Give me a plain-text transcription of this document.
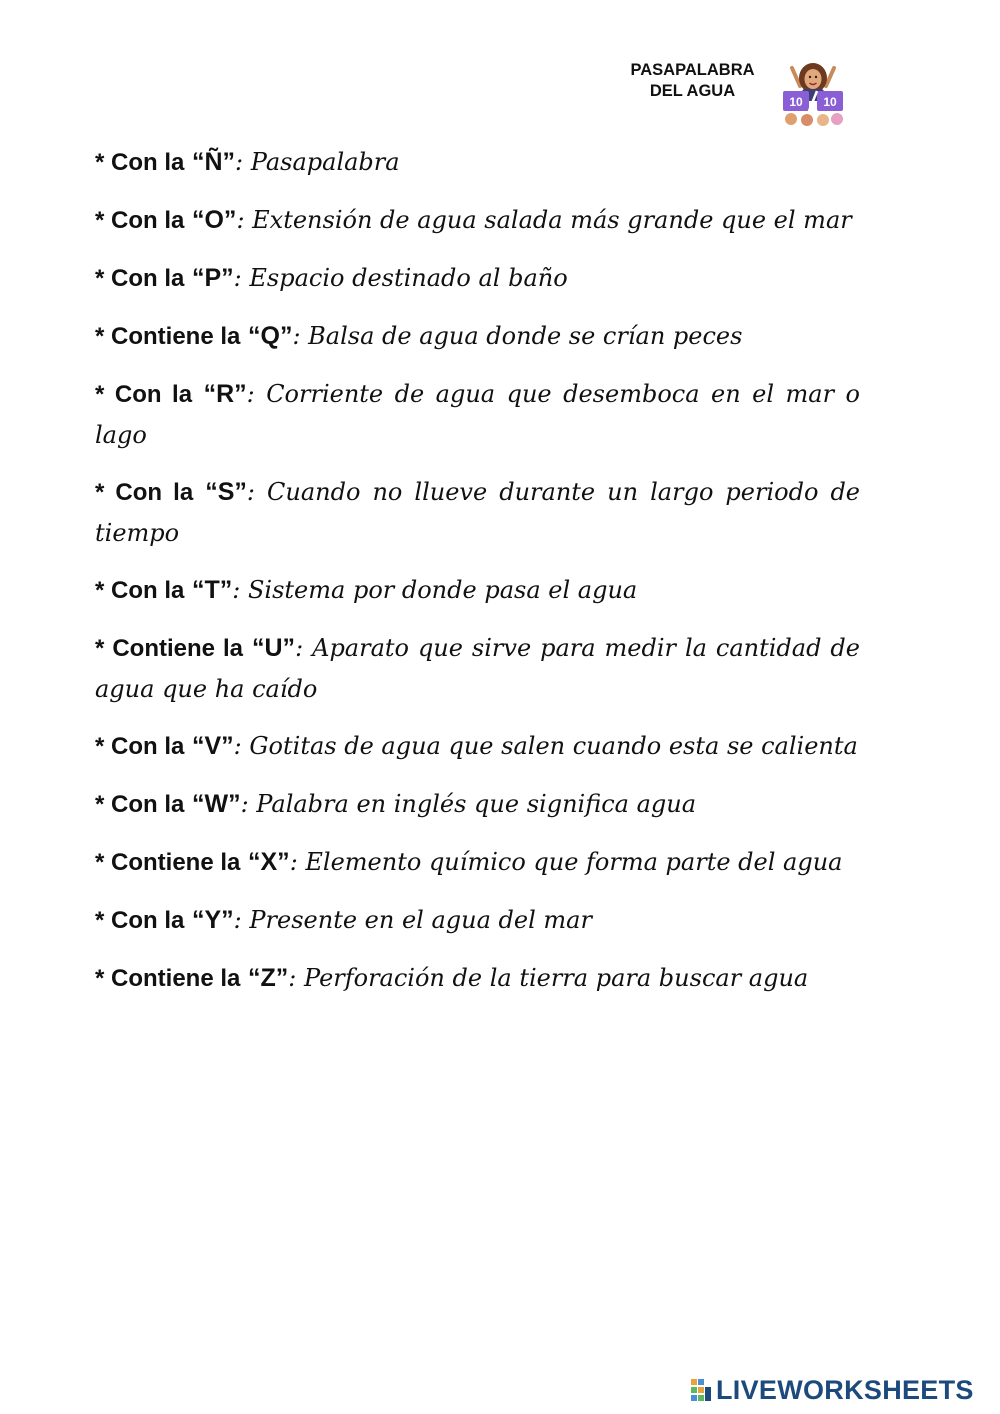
PASAPALABRA
DEL AGUA
10 10

* Con la “Ñ”: Pasapalabra

* Con la “O”: Extensión de agua salada más grande que el mar

* Con la “P”: Espacio destinado al baño

* Contiene la “Q”: Balsa de agua donde se crían peces

* Con la “R”: Corriente de agua que desemboca en el mar o lago

* Con la “S”: Cuando no llueve durante un largo periodo de tiempo

* Con la “T”: Sistema por donde pasa el agua

* Contiene la “U”: Aparato que sirve para medir la cantidad de agua que ha caído

* Con la “V”: Gotitas de agua que salen cuando esta se calienta

* Con la “W”: Palabra en inglés que significa agua

* Contiene la “X”: Elemento químico que forma parte del agua

* Con la “Y”: Presente en el agua del mar

* Contiene la “Z”: Perforación de la tierra para buscar agua

LIVEWORKSHEETS
